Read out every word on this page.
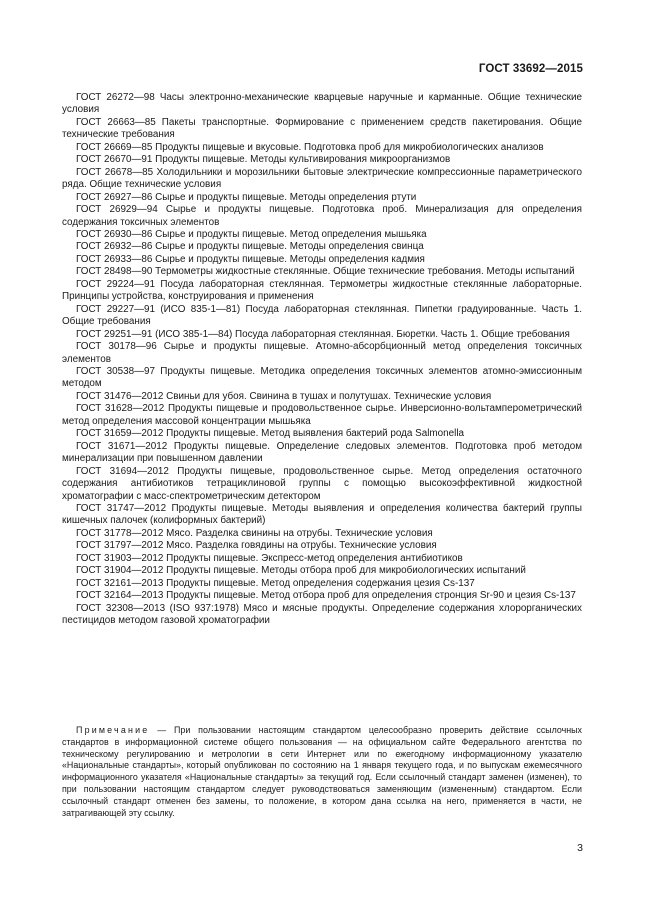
ГОСТ 33692—2015

ГОСТ 26272—98 Часы электронно-механические кварцевые наручные и карманные. Общие технические условия

ГОСТ 26663—85 Пакеты транспортные. Формирование с применением средств пакетирования. Общие технические требования

ГОСТ 26669—85 Продукты пищевые и вкусовые. Подготовка проб для микробиологических анализов

ГОСТ 26670—91 Продукты пищевые. Методы культивирования микроорганизмов

ГОСТ 26678—85 Холодильники и морозильники бытовые электрические компрессионные параметрического ряда. Общие технические условия

ГОСТ 26927—86 Сырье и продукты пищевые. Методы определения ртути

ГОСТ 26929—94 Сырье и продукты пищевые. Подготовка проб. Минерализация для определения содержания токсичных элементов

ГОСТ 26930—86 Сырье и продукты пищевые. Метод определения мышьяка

ГОСТ 26932—86 Сырье и продукты пищевые. Методы определения свинца

ГОСТ 26933—86 Сырье и продукты пищевые. Методы определения кадмия

ГОСТ 28498—90 Термометры жидкостные стеклянные. Общие технические требования. Методы испытаний

ГОСТ 29224—91 Посуда лабораторная стеклянная. Термометры жидкостные стеклянные лабораторные. Принципы устройства, конструирования и применения

ГОСТ 29227—91 (ИСО 835-1—81) Посуда лабораторная стеклянная. Пипетки градуированные. Часть 1. Общие требования

ГОСТ 29251—91 (ИСО 385-1—84) Посуда лабораторная стеклянная. Бюретки. Часть 1. Общие требования

ГОСТ 30178—96 Сырье и продукты пищевые. Атомно-абсорбционный метод определения токсичных элементов

ГОСТ 30538—97 Продукты пищевые. Методика определения токсичных элементов атомно-эмиссионным методом

ГОСТ 31476—2012 Свиньи для убоя. Свинина в тушах и полутушах. Технические условия

ГОСТ 31628—2012 Продукты пищевые и продовольственное сырье. Инверсионно-вольтамперометрический метод определения массовой концентрации мышьяка

ГОСТ 31659—2012 Продукты пищевые. Метод выявления бактерий рода Salmonella

ГОСТ 31671—2012 Продукты пищевые. Определение следовых элементов. Подготовка проб методом минерализации при повышенном давлении

ГОСТ 31694—2012 Продукты пищевые, продовольственное сырье. Метод определения остаточного содержания антибиотиков тетрациклиновой группы с помощью высокоэффективной жидкостной хроматографии с масс-спектрометрическим детектором

ГОСТ 31747—2012 Продукты пищевые. Методы выявления и определения количества бактерий группы кишечных палочек (колиформных бактерий)

ГОСТ 31778—2012 Мясо. Разделка свинины на отрубы. Технические условия

ГОСТ 31797—2012 Мясо. Разделка говядины на отрубы. Технические условия

ГОСТ 31903—2012 Продукты пищевые. Экспресс-метод определения антибиотиков

ГОСТ 31904—2012 Продукты пищевые. Методы отбора проб для микробиологических испытаний

ГОСТ 32161—2013 Продукты пищевые. Метод определения содержания цезия Cs-137

ГОСТ 32164—2013 Продукты пищевые. Метод отбора проб для определения стронция Sr-90 и цезия Cs-137

ГОСТ 32308—2013 (ISO 937:1978) Мясо и мясные продукты. Определение содержания хлорорганических пестицидов методом газовой хроматографии

Примечание — При пользовании настоящим стандартом целесообразно проверить действие ссылочных стандартов в информационной системе общего пользования — на официальном сайте Федерального агентства по техническому регулированию и метрологии в сети Интернет или по ежегодному информационному указателю «Национальные стандарты», который опубликован по состоянию на 1 января текущего года, и по выпускам ежемесячного информационного указателя «Национальные стандарты» за текущий год. Если ссылочный стандарт заменен (изменен), то при пользовании настоящим стандартом следует руководствоваться заменяющим (измененным) стандартом. Если ссылочный стандарт отменен без замены, то положение, в котором дана ссылка на него, применяется в части, не затрагивающей эту ссылку.

3
